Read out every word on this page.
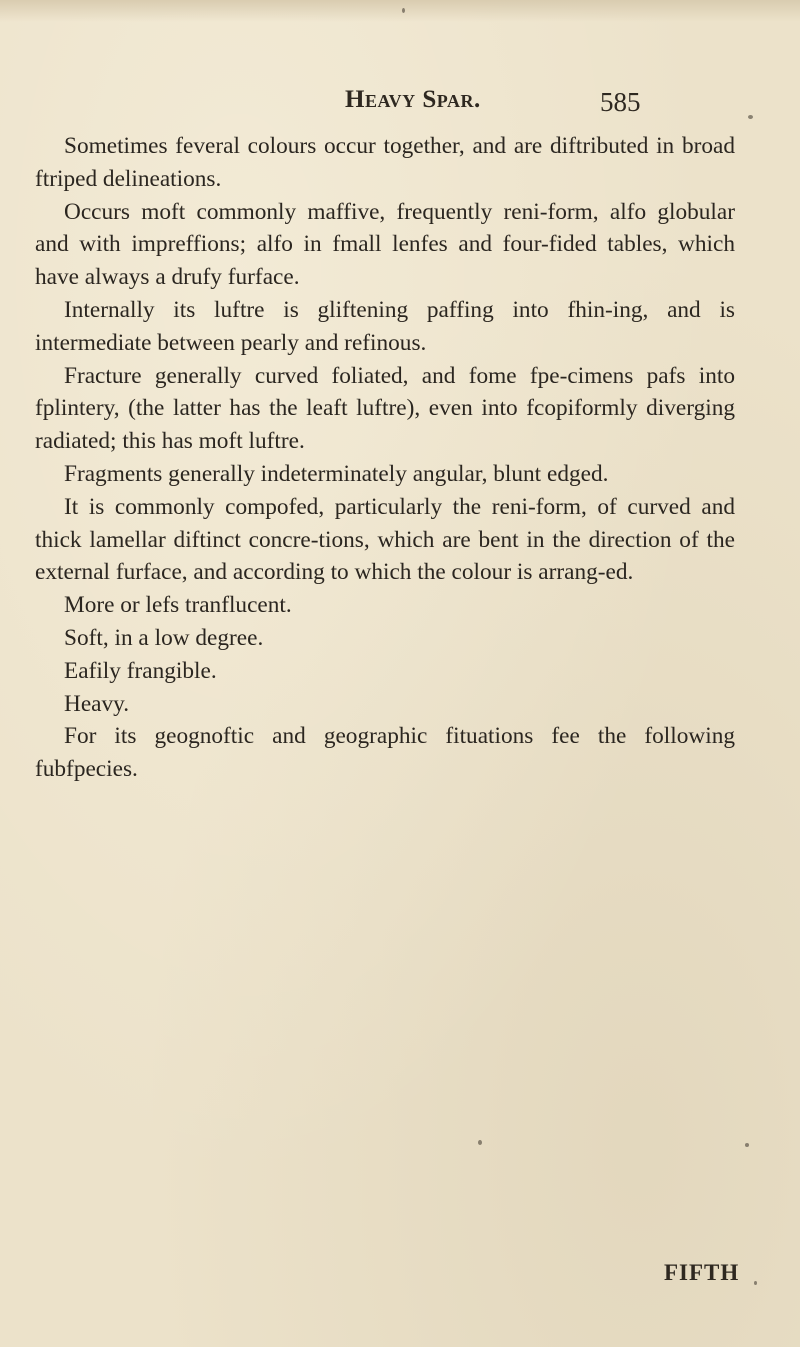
Heavy Spar.	585

Sometimes feveral colours occur together, and are diftributed in broad ftriped delineations.

Occurs moft commonly maffive, frequently reni-form, alfo globular and with impreffions; alfo in fmall lenfes and four-fided tables, which have always a drufy furface.

Internally its luftre is gliftening paffing into fhin-ing, and is intermediate between pearly and refinous.

Fracture generally curved foliated, and fome fpe-cimens pafs into fplintery, (the latter has the leaft luftre), even into fcopiformly diverging radiated; this has moft luftre.

Fragments generally indeterminately angular, blunt edged.

It is commonly compofed, particularly the reni-form, of curved and thick lamellar diftinct concre-tions, which are bent in the direction of the external furface, and according to which the colour is arrang-ed.

More or lefs tranflucent.

Soft, in a low degree.

Eafily frangible.

Heavy.

For its geognoftic and geographic fituations fee the following fubfpecies.

FIFTH
